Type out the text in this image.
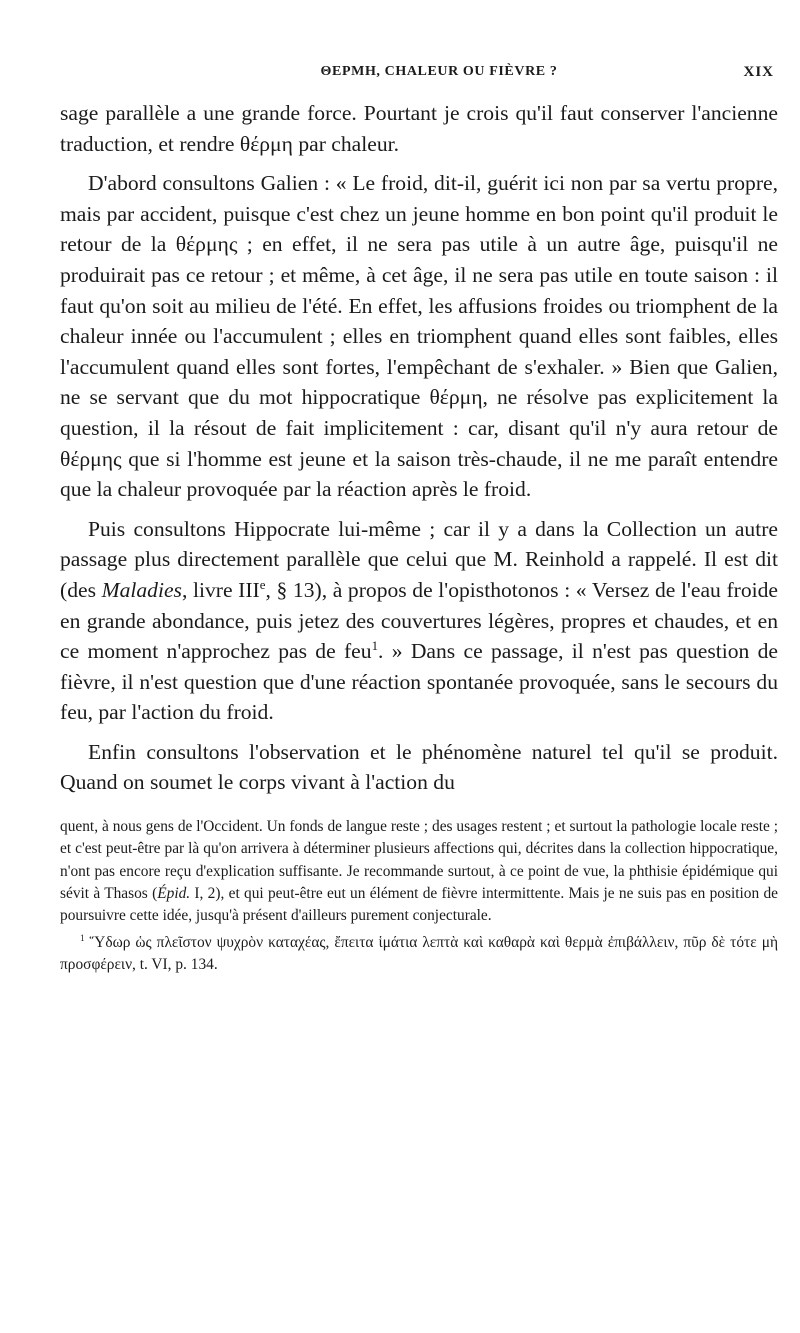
ΘΕΡΜΗ, CHALEUR OU FIÈVRE ?	XIX

sage parallèle a une grande force. Pourtant je crois qu'il faut conserver l'ancienne traduction, et rendre θέρμη par chaleur.

D'abord consultons Galien : « Le froid, dit-il, guérit ici non par sa vertu propre, mais par accident, puisque c'est chez un jeune homme en bon point qu'il produit le retour de la θέρμης ; en effet, il ne sera pas utile à un autre âge, puisqu'il ne produirait pas ce retour ; et même, à cet âge, il ne sera pas utile en toute saison : il faut qu'on soit au milieu de l'été. En effet, les affusions froides ou triomphent de la chaleur innée ou l'accumulent ; elles en triomphent quand elles sont faibles, elles l'accumulent quand elles sont fortes, l'empêchant de s'exhaler. » Bien que Galien, ne se servant que du mot hippocratique θέρμη, ne résolve pas explicitement la question, il la résout de fait implicitement : car, disant qu'il n'y aura retour de θέρμης que si l'homme est jeune et la saison très-chaude, il ne me paraît entendre que la chaleur provoquée par la réaction après le froid.

Puis consultons Hippocrate lui-même ; car il y a dans la Collection un autre passage plus directement parallèle que celui que M. Reinhold a rappelé. Il est dit (des Maladies, livre IIIe, § 13), à propos de l'opisthotonos : « Versez de l'eau froide en grande abondance, puis jetez des couvertures légères, propres et chaudes, et en ce moment n'approchez pas de feu$^1$. » Dans ce passage, il n'est pas question de fièvre, il n'est question que d'une réaction spontanée provoquée, sans le secours du feu, par l'action du froid.

Enfin consultons l'observation et le phénomène naturel tel qu'il se produit. Quand on soumet le corps vivant à l'action du

quent, à nous gens de l'Occident. Un fonds de langue reste ; des usages restent ; et surtout la pathologie locale reste ; et c'est peut-être par là qu'on arrivera à déterminer plusieurs affections qui, décrites dans la collection hippocratique, n'ont pas encore reçu d'explication suffisante. Je recommande surtout, à ce point de vue, la phthisie épidémique qui sévit à Thasos (Épid. I, 2), et qui peut-être eut un élément de fièvre intermittente. Mais je ne suis pas en position de poursuivre cette idée, jusqu'à présent d'ailleurs purement conjecturale.

$^1$ Ὕδωρ ὡς πλεῖστον ψυχρὸν καταχέας, ἔπειτα ἱμάτια λεπτὰ καὶ καθαρὰ καὶ θερμὰ ἐπιβάλλειν, πῦρ δὲ τότε μὴ προσφέρειν, t. VI, p. 134.
